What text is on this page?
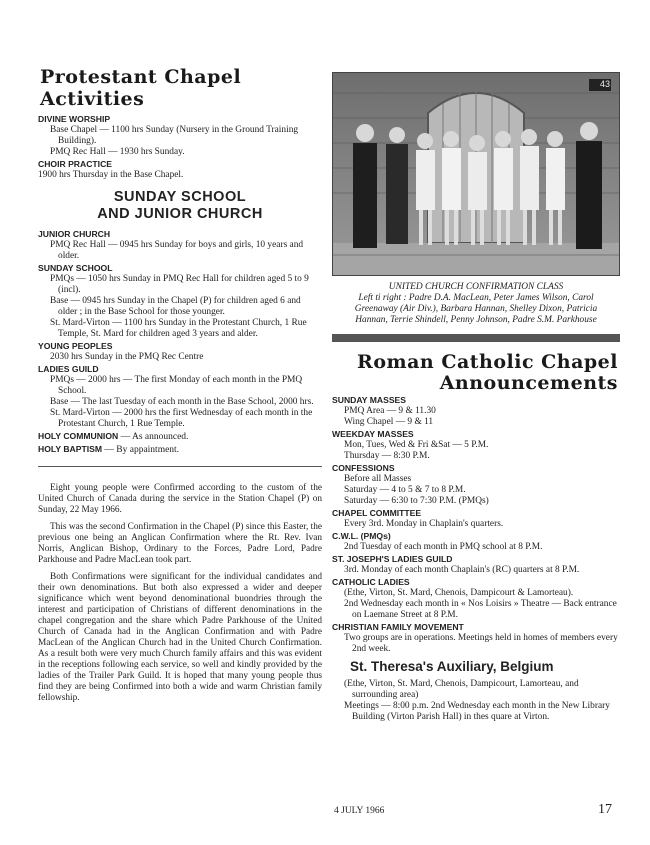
Protestant Chapel Activities
DIVINE WORSHIP
Base Chapel — 1100 hrs Sunday (Nursery in the Ground Training Building).
PMQ Rec Hall — 1930 hrs Sunday.
CHOIR PRACTICE
1900 hrs Thursday in the Base Chapel.
SUNDAY SCHOOL
AND JUNIOR CHURCH
JUNIOR CHURCH
PMQ Rec Hall — 0945 hrs Sunday for boys and girls, 10 years and older.
SUNDAY SCHOOL
PMQs — 1050 hrs Sunday in PMQ Rec Hall for children aged 5 to 9 (incl).
Base — 0945 hrs Sunday in the Chapel (P) for children aged 6 and older ; in the Base School for those younger.
St. Mard-Virton — 1100 hrs Sunday in the Protestant Church, 1 Rue Temple, St. Mard for children aged 3 years and alder.
YOUNG PEOPLES
2030 hrs Sunday in the PMQ Rec Centre
LADIES GUILD
PMQs — 2000 hrs — The first Monday of each month in the PMQ School.
Base — The last Tuesday of each month in the Base School, 2000 hrs.
St. Mard-Virton — 2000 hrs the first Wednesday of each month in the Protestant Church, 1 Rue Temple.
HOLY COMMUNION — As announced.
HOLY BAPTISM — By appaintment.

Eight young people were Confirmed according to the custom of the United Church of Canada during the service in the Station Chapel (P) on Sunday, 22 May 1966.

This was the second Confirmation in the Chapel (P) since this Easter, the previous one being an Anglican Confirmation where the Rt. Rev. Ivan Norris, Anglican Bishop, Ordinary to the Forces, Padre Lord, Padre Parkhouse and Padre MacLean took part.

Both Confirmations were significant for the individual candidates and their own denominations. But both also expressed a wider and deeper significance which went beyond denominational buondries through the interest and participation of Christians of different denominations in the chapel congregation and the share which Padre Parkhouse of the United Church of Canada had in the Anglican Confirmation and with Padre MacLean of the Anglican Church had in the United Church Confirmation. As a result both were very much Church family affairs and this was evident in the receptions following each service, so well and kindly provided by the ladies of the Trailer Park Guild. It is hoped that many young people thus find they are being Confirmed into both a wide and warm Christian family fellowship.

43
UNITED CHURCH CONFIRMATION CLASS
Left ti right : Padre D.A. MacLean, Peter James Wilson, Carol Greenaway (Air Div.), Barbara Hannan, Shelley Dixon, Patricia Hannan, Terrie Shindell, Penny Johnson, Padre S.M. Parkhouse
Roman Catholic Chapel
Announcements
SUNDAY MASSES
PMQ Area — 9 & 11.30
Wing Chapel — 9 & 11
WEEKDAY MASSES
Mon, Tues, Wed & Fri &Sat — 5 P.M.
Thursday — 8:30 P.M.
CONFESSIONS
Before all Masses
Saturday — 4 to 5 & 7 to 8 P.M.
Saturday — 6:30 to 7:30 P.M. (PMQs)
CHAPEL COMMITTEE
Every 3rd. Monday in Chaplain's quarters.
C.W.L. (PMQs)
2nd Tuesday of each month in PMQ school at 8 P.M.
ST. JOSEPH'S LADIES GUILD
3rd. Monday of each month Chaplain's (RC) quarters at 8 P.M.
CATHOLIC LADIES
(Ethe, Virton, St. Mard, Chenois, Dampicourt & Lamorteau).
2nd Wednesday each month in « Nos Loisirs » Theatre — Back entrance on Laemane Street at 8 P.M.
CHRISTIAN FAMILY MOVEMENT
Two groups are in operations. Meetings held in homes of members every 2nd week.
St. Theresa's Auxiliary, Belgium
(Ethe, Virton, St. Mard, Chenois, Dampicourt, Lamorteau, and surrounding area)
Meetings — 8:00 p.m. 2nd Wednesday each month in the New Library Building (Virton Parish Hall) in thes quare at Virton.
4 JULY 1966	17
